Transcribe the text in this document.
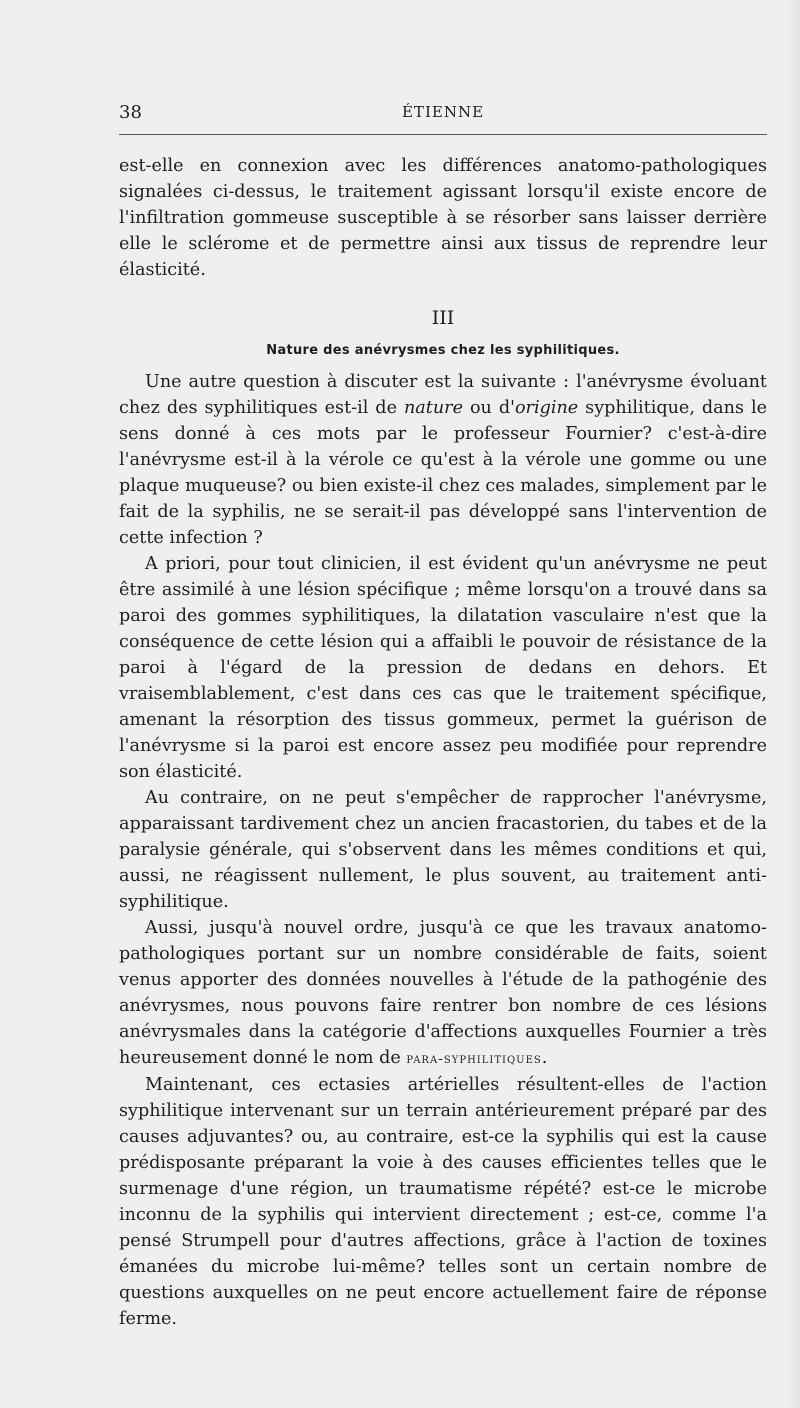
38	ÉTIENNE

est-elle en connexion avec les différences anatomo-pathologiques signalées ci-dessus, le traitement agissant lorsqu'il existe encore de l'infiltration gommeuse susceptible à se résorber sans laisser derrière elle le sclérome et de permettre ainsi aux tissus de reprendre leur élasticité.

III
Nature des anévrysmes chez les syphilitiques.

Une autre question à discuter est la suivante : l'anévrysme évoluant chez des syphilitiques est-il de nature ou d'origine syphilitique, dans le sens donné à ces mots par le professeur Fournier? c'est-à-dire l'anévrysme est-il à la vérole ce qu'est à la vérole une gomme ou une plaque muqueuse? ou bien existe-il chez ces malades, simplement par le fait de la syphilis, ne se serait-il pas développé sans l'intervention de cette infection ?

A priori, pour tout clinicien, il est évident qu'un anévrysme ne peut être assimilé à une lésion spécifique ; même lorsqu'on a trouvé dans sa paroi des gommes syphilitiques, la dilatation vasculaire n'est que la conséquence de cette lésion qui a affaibli le pouvoir de résistance de la paroi à l'égard de la pression de dedans en dehors. Et vraisemblablement, c'est dans ces cas que le traitement spécifique, amenant la résorption des tissus gommeux, permet la guérison de l'anévrysme si la paroi est encore assez peu modifiée pour reprendre son élasticité.

Au contraire, on ne peut s'empêcher de rapprocher l'anévrysme, apparaissant tardivement chez un ancien fracastorien, du tabes et de la paralysie générale, qui s'observent dans les mêmes conditions et qui, aussi, ne réagissent nullement, le plus souvent, au traitement anti-syphilitique.

Aussi, jusqu'à nouvel ordre, jusqu'à ce que les travaux anatomo-pathologiques portant sur un nombre considérable de faits, soient venus apporter des données nouvelles à l'étude de la pathogénie des anévrysmes, nous pouvons faire rentrer bon nombre de ces lésions anévrysmales dans la catégorie d'affections auxquelles Fournier a très heureusement donné le nom de para-syphilitiques.

Maintenant, ces ectasies artérielles résultent-elles de l'action syphilitique intervenant sur un terrain antérieurement préparé par des causes adjuvantes? ou, au contraire, est-ce la syphilis qui est la cause prédisposante préparant la voie à des causes efficientes telles que le surmenage d'une région, un traumatisme répété? est-ce le microbe inconnu de la syphilis qui intervient directement ; est-ce, comme l'a pensé Strumpell pour d'autres affections, grâce à l'action de toxines émanées du microbe lui-même? telles sont un certain nombre de questions auxquelles on ne peut encore actuellement faire de réponse ferme.
